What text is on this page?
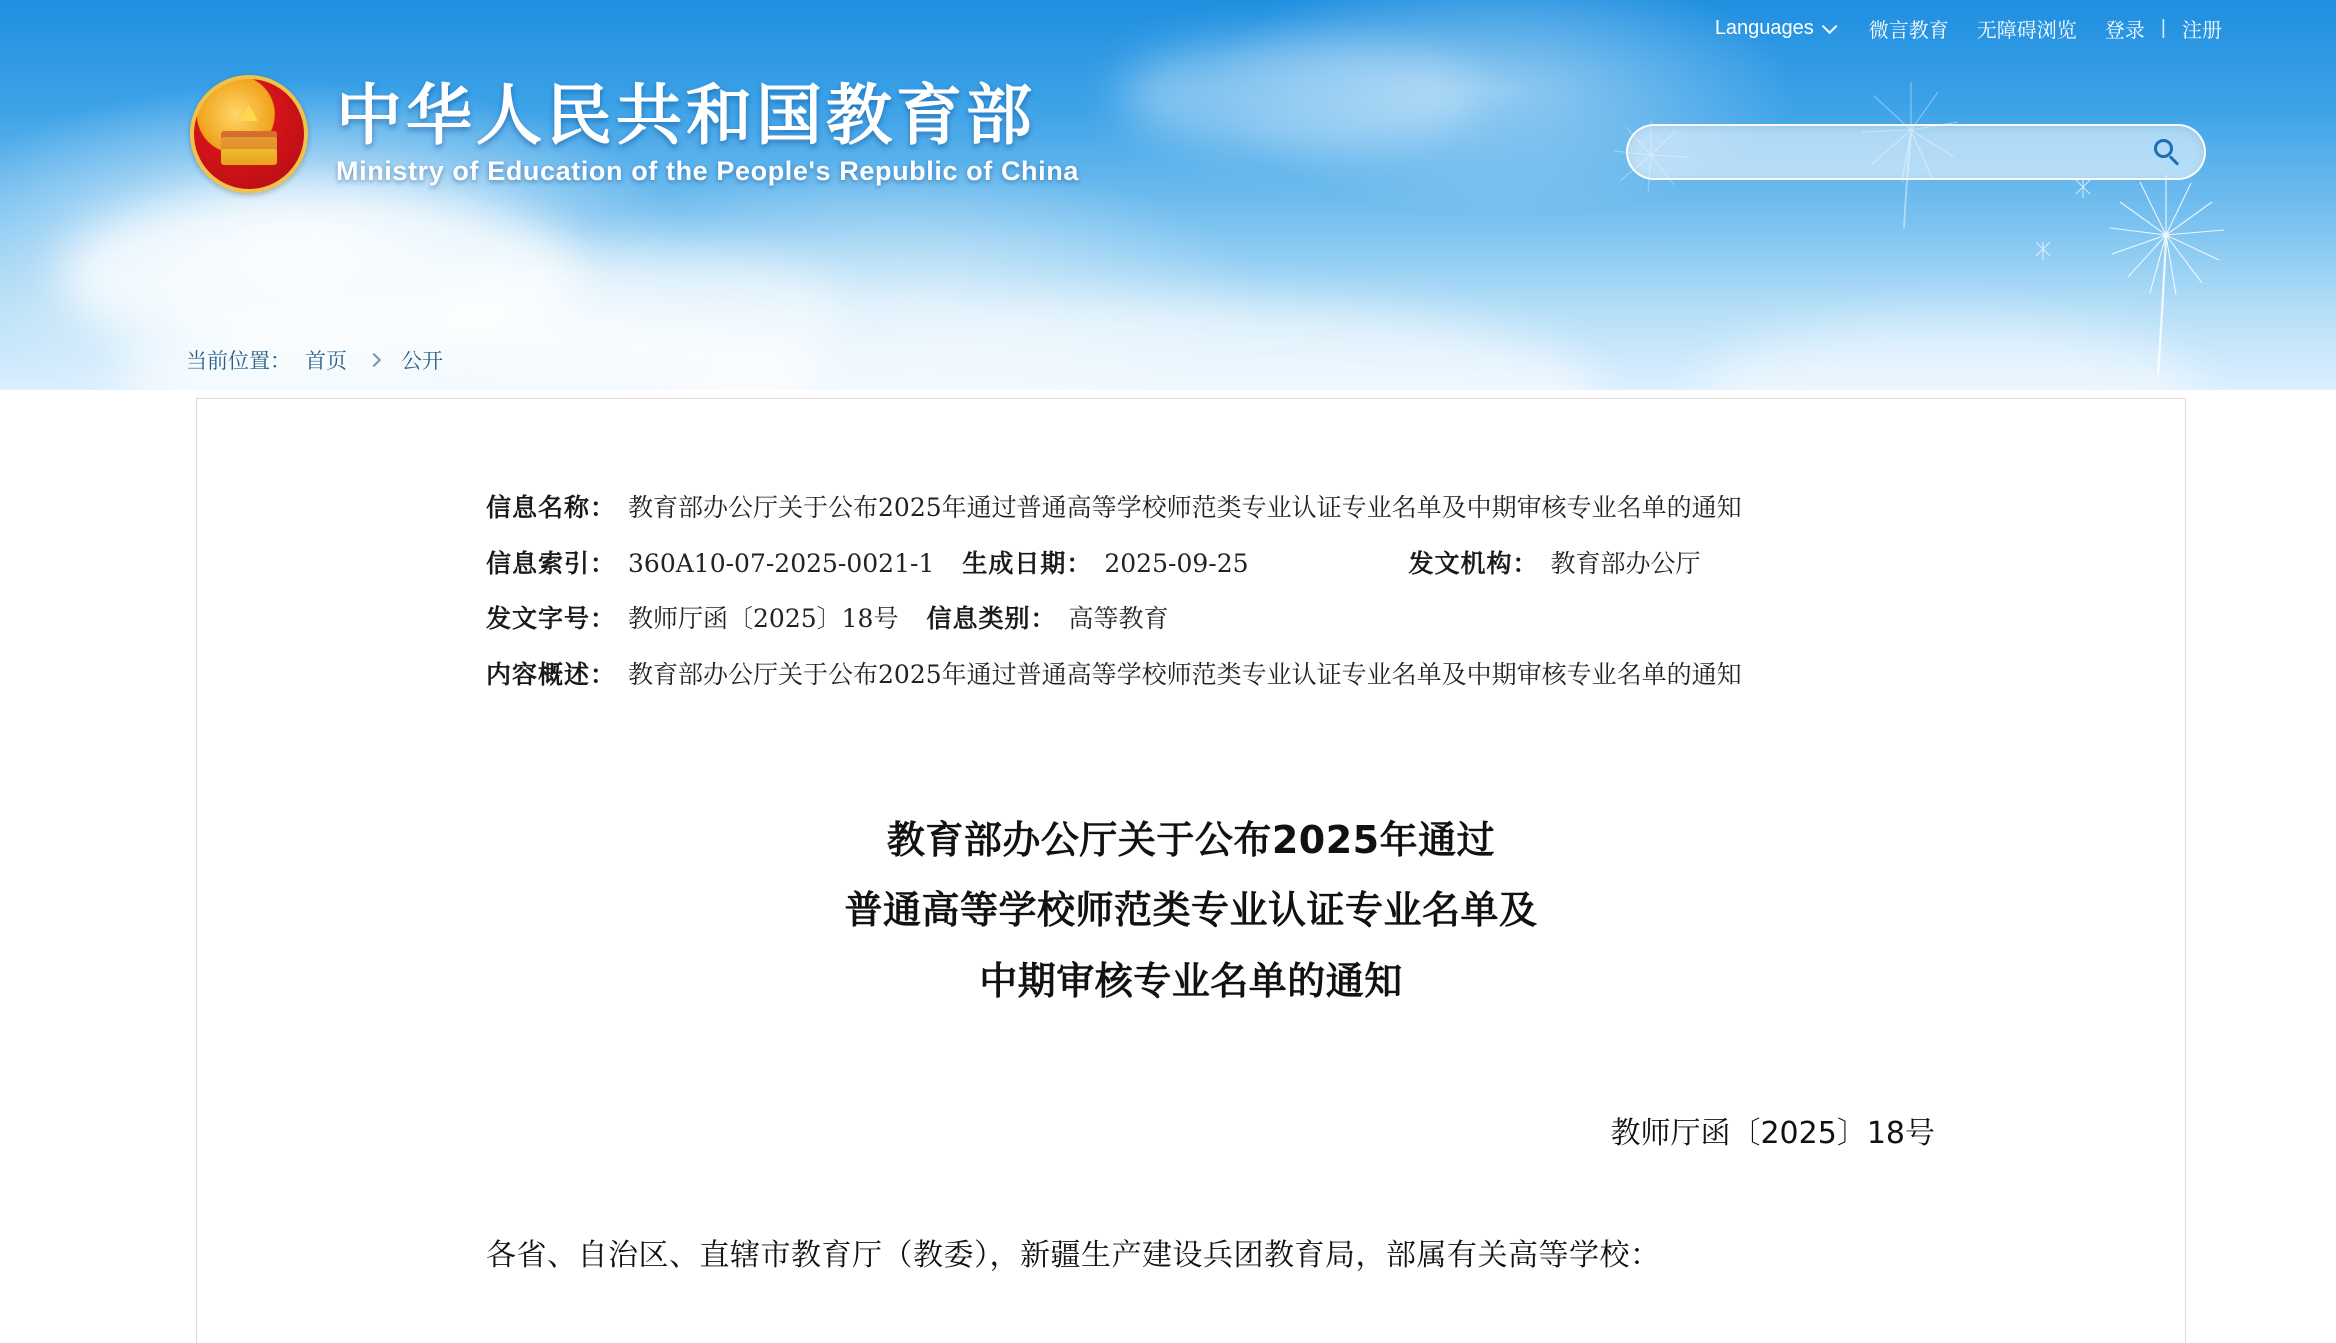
Languages	微言教育	无障碍浏览	登录 | 注册
中华人民共和国教育部
Ministry of Education of the People's Republic of China
当前位置： 首页	公开
信息名称： 教育部办公厅关于公布2025年通过普通高等学校师范类专业认证专业名单及中期审核专业名单的通知
信息索引： 360A10-07-2025-0021-1 生成日期： 2025-09-25	发文机构： 教育部办公厅
发文字号： 教师厅函〔2025〕18号 信息类别： 高等教育
内容概述： 教育部办公厅关于公布2025年通过普通高等学校师范类专业认证专业名单及中期审核专业名单的通知
教育部办公厅关于公布2025年通过
普通高等学校师范类专业认证专业名单及
中期审核专业名单的通知
教师厅函〔2025〕18号
各省、自治区、直辖市教育厅（教委），新疆生产建设兵团教育局，部属有关高等学校：
